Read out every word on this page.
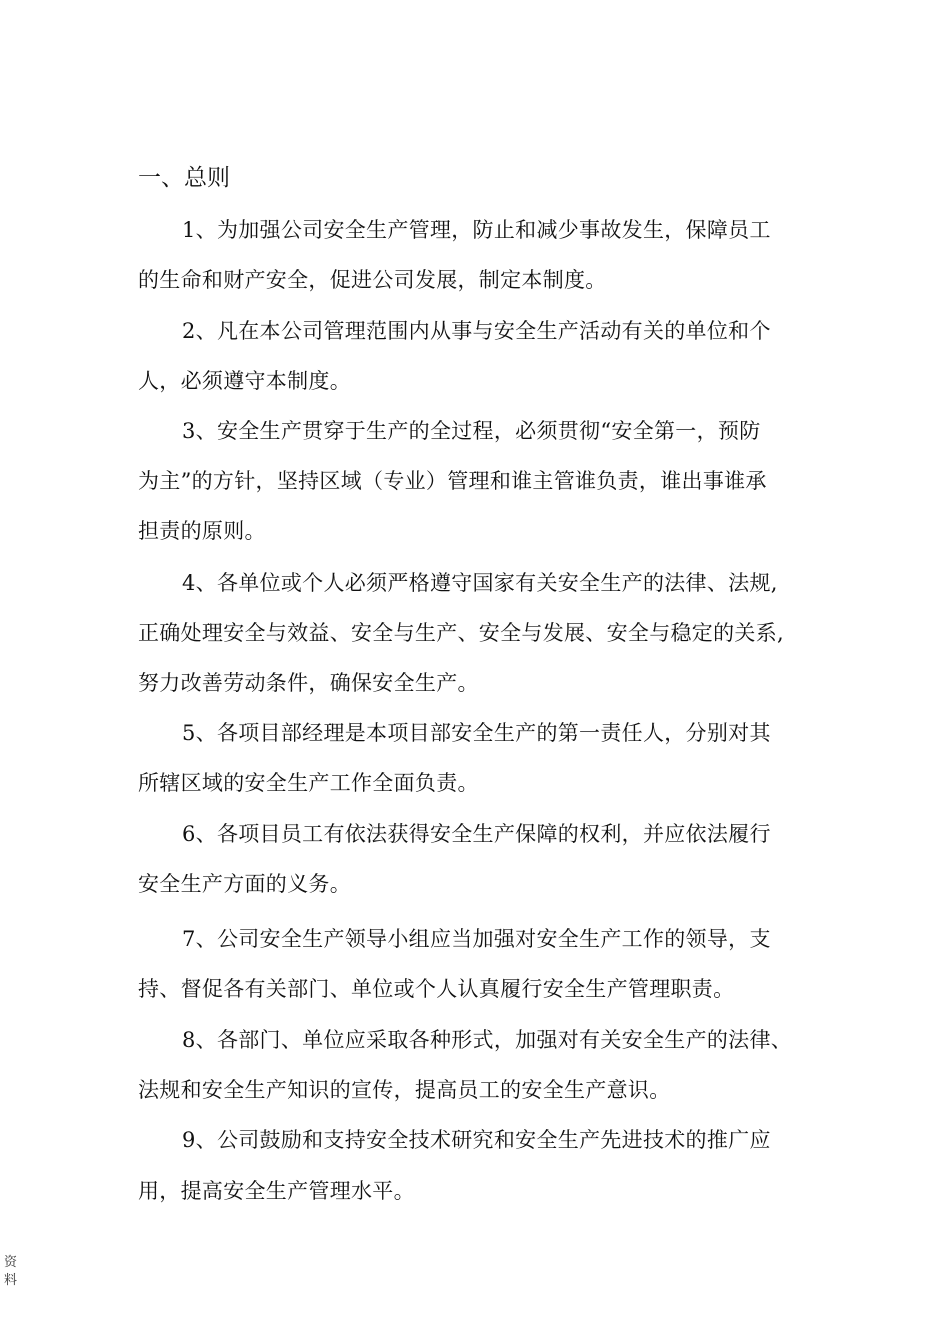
一、总则
1、为加强公司安全生产管理，防止和减少事故发生，保障员工
的生命和财产安全，促进公司发展，制定本制度。
2、凡在本公司管理范围内从事与安全生产活动有关的单位和个
人，必须遵守本制度。
3、安全生产贯穿于生产的全过程，必须贯彻“安全第一，预防
为主”的方针，坚持区域（专业）管理和谁主管谁负责，谁出事谁承
担责的原则。
4、各单位或个人必须严格遵守国家有关安全生产的法律、法规,
正确处理安全与效益、安全与生产、安全与发展、安全与稳定的关系,
努力改善劳动条件，确保安全生产。
5、各项目部经理是本项目部安全生产的第一责任人，分别对其
所辖区域的安全生产工作全面负责。
6、各项目员工有依法获得安全生产保障的权利，并应依法履行
安全生产方面的义务。
7、公司安全生产领导小组应当加强对安全生产工作的领导，支
持、督促各有关部门、单位或个人认真履行安全生产管理职责。
8、各部门、单位应采取各种形式，加强对有关安全生产的法律、
法规和安全生产知识的宣传，提高员工的安全生产意识。
9、公司鼓励和支持安全技术研究和安全生产先进技术的推广应
用，提高安全生产管理水平。
资料
